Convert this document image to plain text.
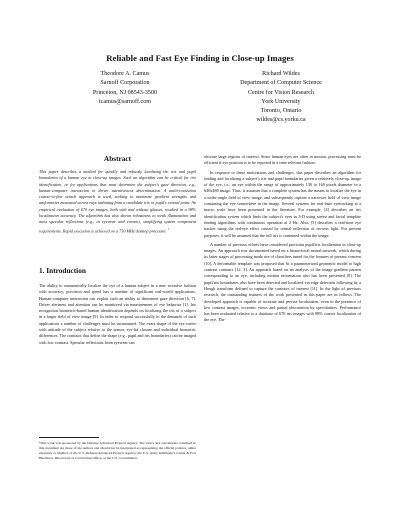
Reliable and Fast Eye Finding in Close-up Images
Theodore A. Camus
Sarnoff Corporation
Princeton, NJ 08543-3500
tcamus@sarnoff.com
Richard Wildes
Department of Computer Science
Centre for Vision Research
York University
Toronto, Ontario
wildes@cs.yorku.ca
Abstract
This paper describes a method for quickly and robustly localizing the iris and pupil boundaries of a human eye in close-up images. Such an algorithm can be critical for iris identification, or for applications that must determine the subject's gaze direction, e.g., human-computer interaction or driver attentiveness determination. A multi-resolution coarse-to-fine search approach is used, seeking to maximize gradient strengths and uniformities measured across rays radiating from a candidate iris or pupil's central point. An empirical evaluation of 670 eye images, both with and without glasses, resulted in a 98% localization accuracy. The algorithm has also shown robustness to weak illumination and most specular reflections (e.g., at eyewear and cornea), simplifying system component requirements. Rapid execution is achieved on a 750 MHz desktop processor. $^1$
1. Introduction

The ability to automatically localize the eye of a human subject in a non- invasive fashion with accuracy, precision and speed has a number of significant real-world applications. Human-computer interaction can exploit such an ability to determine gaze direction [6, 7]. Driver alertness and attention can be monitored via measurement of eye behavior [1]. Iris recognition biometric-based human identification depends on localizing the iris of a subject in a larger field of view image [9]. In order to respond successfully to the demands of such applications a number of challenges must be surmounted. The exact shape of the eye varies with attitude of the subject relative to the sensor, eye-lid closure and individual biometric differences. The contours that define the shape (e.g., pupil and iris boundaries) can be imaged with low contrast. Specular reflections from eyewear can

¹This work was sponsored by the Defense Advanced Projects Agency. The views and conclusions contained in this document are those of the authors and should not be interpreted as representing the official policies, either expressly or implied, of the U.S. Defense Advanced Projects Agency, the U.S. Army Intelligence Center & Fort Huachuca, Directorate of Contracting Office, or the U.S. Government.

obscure large regions of interest. Since human eyes are often in motion, processing must be efficient if eye position is to be reported in a time relevant fashion.

In response to these motivations and challenges, this paper describes an algorithm for finding and localizing a subject's iris and pupil boundaries given a relatively close-up image of the eye, i.e., an eye within the range of approximately 130 to 160 pixels diameter in a 640x480 image. Thus, it assumes that a complete system has the means to localize the eye in a wider-angle field of view image, and subsequently capture a narrower field of view image containing the eye somewhere in the image. Several systems for real-time eyetracking at a macro scale have been presented in the literature. For example, [4] describes an iris identification system which finds the subject's eyes in 3-D using stereo and facial template finding algorithms with continuous operation at 2 Hz. Also, [5] describes a real-time eye tracker using the red-eye effect caused by retinal reflection of on-axis light. For present purposes, it will be assumed that the full iris is contained within the image.

A number of previous efforts have considered precision pupil/iris localization in close-up images. An approach was documented based on a hierarchical neural network, which during its latter stages of processing made use of classifiers tuned for the features of present concern [10]. A deformable template was proposed that fit a parameterized geometric model to high contrast contours [12, 3]. An approach based on an analysis of the image gradient pattern corresponding to an eye, including motion information also has been presented [8]. The pupil/iris boundaries also have been detected and localized via edge detection following by a Hough transform defined to capture the contours of interest [11]. In the light of previous research, the outstanding features of the work presented in this paper are as follows. The developed approach is capable of accurate and precise localization, even in the presence of low contrast images, eccentric views and partial obscuration by specularities. Performance has been evaluated relative to a database of 670 iris images with 98% correct localization of the eye. The
